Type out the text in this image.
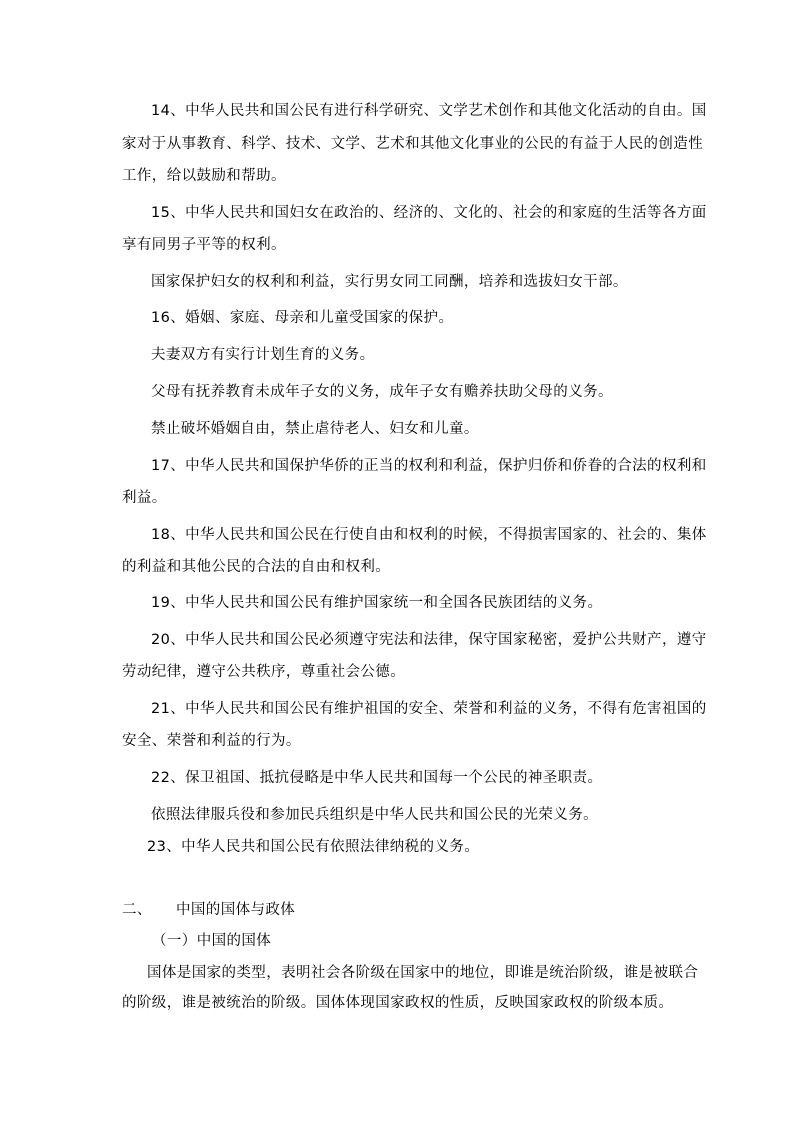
14、中华人民共和国公民有进行科学研究、文学艺术创作和其他文化活动的自由。国
家对于从事教育、科学、技术、文学、艺术和其他文化事业的公民的有益于人民的创造性
工作，给以鼓励和帮助。
15、中华人民共和国妇女在政治的、经济的、文化的、社会的和家庭的生活等各方面
享有同男子平等的权利。
国家保护妇女的权利和利益，实行男女同工同酬，培养和选拔妇女干部。
16、婚姻、家庭、母亲和儿童受国家的保护。
夫妻双方有实行计划生育的义务。
父母有抚养教育未成年子女的义务，成年子女有赡养扶助父母的义务。
禁止破坏婚姻自由，禁止虐待老人、妇女和儿童。
17、中华人民共和国保护华侨的正当的权利和利益，保护归侨和侨眷的合法的权利和
利益。
18、中华人民共和国公民在行使自由和权利的时候，不得损害国家的、社会的、集体
的利益和其他公民的合法的自由和权利。
19、中华人民共和国公民有维护国家统一和全国各民族团结的义务。
20、中华人民共和国公民必须遵守宪法和法律，保守国家秘密，爱护公共财产，遵守
劳动纪律，遵守公共秩序，尊重社会公德。
21、中华人民共和国公民有维护祖国的安全、荣誉和利益的义务，不得有危害祖国的
安全、荣誉和利益的行为。
22、保卫祖国、抵抗侵略是中华人民共和国每一个公民的神圣职责。
依照法律服兵役和参加民兵组织是中华人民共和国公民的光荣义务。
23、中华人民共和国公民有依照法律纳税的义务。
二、 中国的国体与政体
（一）中国的国体
国体是国家的类型，表明社会各阶级在国家中的地位，即谁是统治阶级，谁是被联合
的阶级，谁是被统治的阶级。国体体现国家政权的性质，反映国家政权的阶级本质。
